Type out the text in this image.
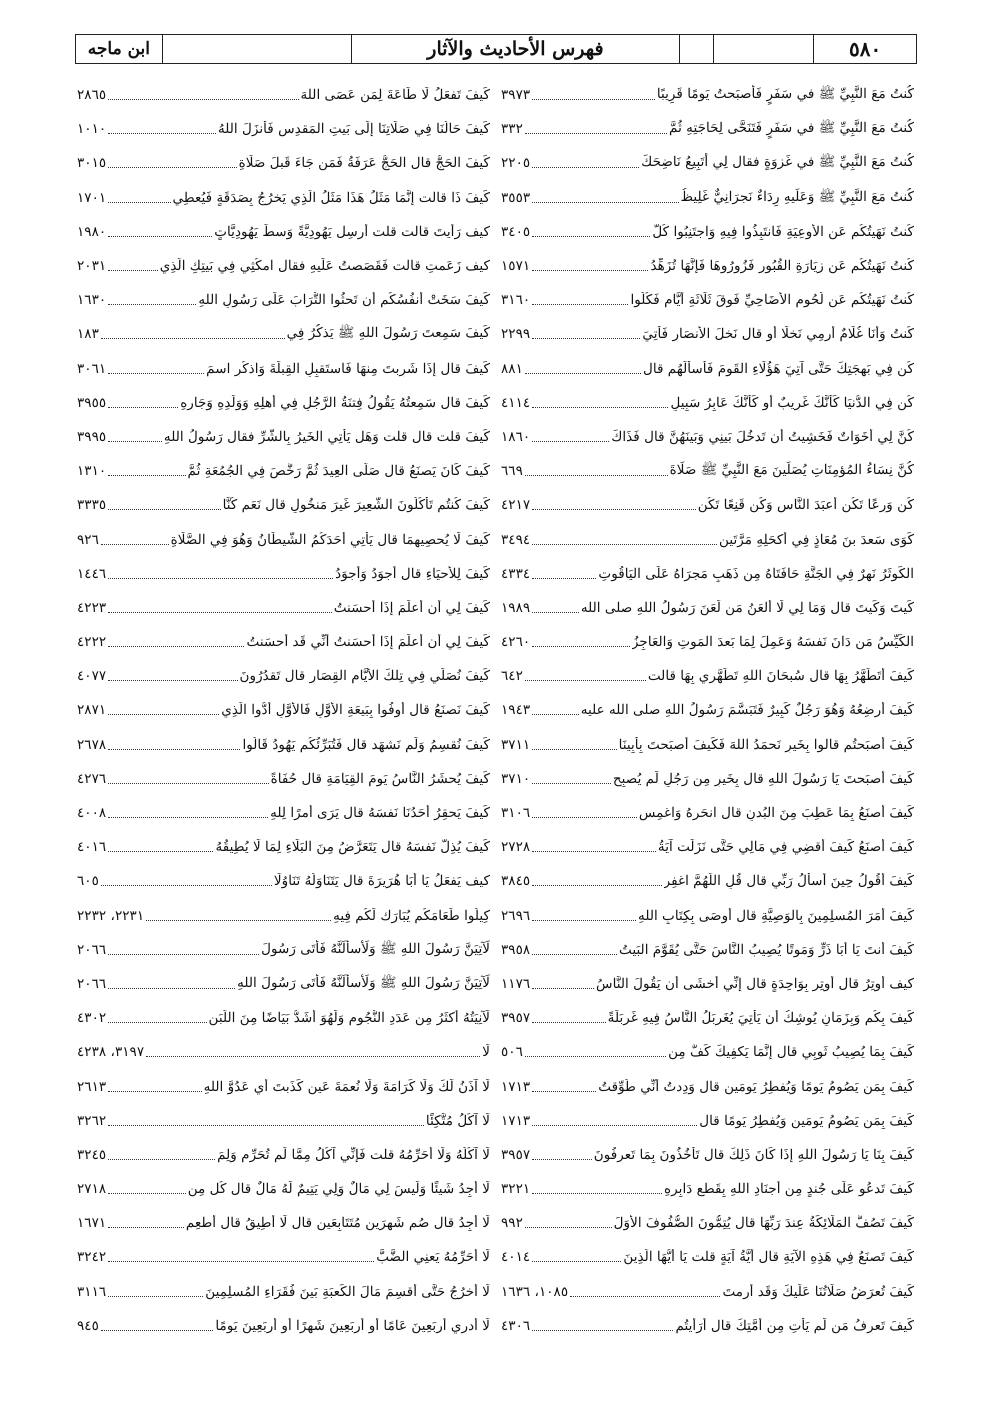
٥٨٠
فهرس الأحاديث والآثار
ابن ماجه
كُنتُ مَعَ النَّبِيِّ ﷺ في سَفَرٍ فَأَصبَحتُ يَومًا قَرِيبًا
٣٩٧٣
كُنتُ مَعَ النَّبِيِّ ﷺ في سَفَرٍ فَتَنَحَّى لِحَاجَتِهِ ثُمَّ
٣٣٢
كُنتُ مَعَ النَّبِيِّ ﷺ في غَزوَةٍ فقال لِي أَتَبِيعُ نَاضِحَكَ
٢٢٠٥
كُنتُ مَعَ النَّبِيِّ ﷺ وَعَلَيهِ رِدَاءٌ نَجرَانِيٌّ غَلِيظُ
٣٥٥٣
كُنتُ نَهَيتُكُم عَنِ الأَوعِيَةِ فَانتَبِذُوا فِيهِ وَاجتَنِبُوا كُلَّ
٣٤٠٥
كُنتُ نَهَيتُكُم عَن زِيَارَةِ القُبُورِ فَزُورُوهَا فَإِنَّهَا تُزَهِّدُ
١٥٧١
كُنتُ نَهَيتُكُم عَن لُحُومِ الأَضَاحِيِّ فَوقَ ثَلَاثَةِ أَيَّامٍ فَكُلُوا
٣١٦٠
كُنتُ وَأَنَا غُلَامٌ أَرمِي نَخلًا أَو قال نَخلَ الأَنصَارِ فَأُتِيَ
٢٢٩٩
كُن فِي بَهجَتِكَ حَتَّى آتِيَ هَؤُلَاءِ القَومَ فَأَسأَلَهُم قال
٨٨١
كُن فِي الدُّنيَا كَأَنَّكَ غَرِيبٌ أَو كَأَنَّكَ عَابِرُ سَبِيلٍ
٤١١٤
كُنَّ لِي أَخَوَاتٌ فَخَشِيتُ أَن تَدخُلَ بَينِي وَبَينَهُنَّ قال فَذَاكَ
١٨٦٠
كُنَّ نِسَاءُ المُؤمِنَاتِ يُصَلِّينَ مَعَ النَّبِيِّ ﷺ صَلَاةَ
٦٦٩
كُن وَرِعًا تَكُن أَعبَدَ النَّاسِ وَكُن قَنِعًا تَكُن
٤٢١٧
كَوَى سَعدَ بنَ مُعَاذٍ فِي أَكحَلِهِ مَرَّتَينِ
٣٤٩٤
الكَوثَرُ نَهرٌ فِي الجَنَّةِ حَافَتَاهُ مِن ذَهَبٍ مَجرَاهُ عَلَى اليَاقُوتِ
٤٣٣٤
كَيتَ وَكَيتَ قال وَمَا لِي لَا أَلعَنُ مَن لَعَنَ رَسُولُ اللهِ صلى الله
١٩٨٩
الكَيِّسُ مَن دَانَ نَفسَهُ وَعَمِلَ لِمَا بَعدَ المَوتِ وَالعَاجِزُ
٤٢٦٠
كَيفَ أَتَطَهَّرُ بِهَا قال سُبحَانَ اللهِ تَطَهَّرِي بِهَا قالت
٦٤٢
كَيفَ أُرضِعُهُ وَهُوَ رَجُلٌ كَبِيرٌ فَتَبَسَّمَ رَسُولُ اللهِ صلى الله عليه
١٩٤٣
كَيفَ أَصبَحتُم قالوا بِخَيرٍ نَحمَدُ اللهَ فَكَيفَ أَصبَحتَ بِأَبِينَا
٣٧١١
كَيفَ أَصبَحتَ يَا رَسُولَ اللهِ قال بِخَيرٍ مِن رَجُلٍ لَم يُصبِح
٣٧١٠
كَيفَ أَصنَعُ بِمَا عَطِبَ مِنَ البُدنِ قال انحَرهُ وَاغمِس
٣١٠٦
كَيفَ أَصنَعُ كَيفَ أَقضِي فِي مَالِي حَتَّى نَزَلَت آيَةُ
٢٧٢٨
كَيفَ أَقُولُ حِينَ أَسأَلُ رَبِّي قال قُلِ اللَّهُمَّ اغفِر
٣٨٤٥
كَيفَ أَمَرَ المُسلِمِينَ بِالوَصِيَّةِ قال أَوصَى بِكِتَابِ اللهِ
٢٦٩٦
كَيفَ أَنتَ يَا أَبَا ذَرٍّ وَمَوتًا يُصِيبُ النَّاسَ حَتَّى يُقَوَّمَ البَيتُ
٣٩٥٨
كيف أُوتِرُ قال أَوتِر بِوَاحِدَةٍ قال إِنِّي أَخشَى أَن يَقُولَ النَّاسُ
١١٧٦
كَيفَ بِكُم وَبِزَمَانٍ يُوشِكُ أَن يَأتِيَ يُغَربَلُ النَّاسُ فِيهِ غَربَلَةً
٣٩٥٧
كَيفَ بِمَا يُصِيبُ ثَوبِي قال إِنَّمَا يَكفِيكَ كَفٌّ مِن
٥٠٦
كَيفَ بِمَن يَصُومُ يَومًا وَيُفطِرُ يَومَينِ قال وَدِدتُ أَنِّي طُوِّقتُ
١٧١٣
كَيفَ بِمَن يَصُومُ يَومَينِ وَيُفطِرُ يَومًا قال
١٧١٣
كَيفَ بِنَا يَا رَسُولَ اللهِ إِذَا كَانَ ذَلِكَ قال تَأخُذُونَ بِمَا تَعرِفُونَ
٣٩٥٧
كَيفَ تَدعُو عَلَى جُندٍ مِن أَجنَادِ اللهِ بِقَطعِ دَابِرِهِ
٣٢٢١
كَيفَ تَصُفُّ المَلَائِكَةُ عِندَ رَبِّهَا قال يُتِمُّونَ الصُّفُوفَ الأُوَلَ
٩٩٢
كَيفَ تَصنَعُ فِي هَذِهِ الآيَةِ قال أَيَّةُ آيَةٍ قلت يَا أَيُّهَا الَّذِينَ
٤٠١٤
كَيفَ تُعرَضُ صَلَاتُنَا عَلَيكَ وَقَد أَرِمتَ
١٠٨٥، ١٦٣٦
كَيفَ تَعرِفُ مَن لَم يَأتِ مِن أُمَّتِكَ قال أَرَأَيتُم
٤٣٠٦
كَيفَ تَفعَلُ لَا طَاعَةَ لِمَن عَصَى اللهَ
٢٨٦٥
كَيفَ حَالُنَا فِي صَلَاتِنَا إِلَى بَيتِ المَقدِسِ فَأَنزَلَ اللهُ
١٠١٠
كَيفَ الحَجُّ قال الحَجُّ عَرَفَةُ فَمَن جَاءَ قَبلَ صَلَاةِ
٣٠١٥
كَيفَ ذَا قالت إِنَّمَا مَثَلُ هَذَا مَثَلُ الَّذِي يَخرُجُ بِصَدَقَةٍ فَيُعطِي
١٧٠١
كيف رَأَيتَ قالت قلت أَرسِل يَهُودِيَّةً وَسطَ يَهُودِيَّاتٍ
١٩٨٠
كيف زَعَمتِ قالت فَقَصَصتُ عَلَيهِ فقال امكُثِي فِي بَيتِكِ الَّذِي
٢٠٣١
كَيفَ سَخَتْ أَنفُسُكُم أَن تَحثُوا التُّرَابَ عَلَى رَسُولِ اللهِ
١٦٣٠
كَيفَ سَمِعتَ رَسُولَ اللهِ ﷺ يَذكُرُ فِي
١٨٣
كَيفَ قال إِذَا شَرِبتَ مِنهَا فَاستَقبِلِ القِبلَةَ وَاذكُرِ اسمَ
٣٠٦١
كَيفَ قال سَمِعتُهُ يَقُولُ فِتنَةُ الرَّجُلِ فِي أَهلِهِ وَوَلَدِهِ وَجَارِهِ
٣٩٥٥
كَيفَ قلت قال قلت وَهَل يَأتِي الخَيرُ بِالشَّرِّ فقال رَسُولُ اللهِ
٣٩٩٥
كَيفَ كَانَ يَصنَعُ قال صَلَّى العِيدَ ثُمَّ رَخَّصَ فِي الجُمُعَةِ ثُمَّ
١٣١٠
كَيفَ كُنتُم تَأكُلُونَ الشَّعِيرَ غَيرَ مَنخُولٍ قال نَعَم كُنَّا
٣٣٣٥
كَيفَ لَا يُحصِيهِمَا قال يَأتِي أَحَدَكُمُ الشَّيطَانُ وَهُوَ فِي الصَّلَاةِ
٩٢٦
كَيفَ لِلأَحيَاءِ قال أَجوَدُ وَأَجوَدُ
١٤٤٦
كَيفَ لِي أَن أَعلَمَ إِذَا أَحسَنتُ
٤٢٢٣
كَيفَ لِي أَن أَعلَمَ إِذَا أَحسَنتُ أَنِّي قَد أَحسَنتُ
٤٢٢٢
كَيفَ نُصَلِّي فِي تِلكَ الأَيَّامِ القِصَارِ قال تَقدُرُونَ
٤٠٧٧
كَيفَ نَصنَعُ قال أَوفُوا بِبَيعَةِ الأَوَّلِ فَالأَوَّلِ أَدُّوا الَّذِي
٢٨٧١
كَيفَ نُقسِمُ وَلَم نَشهَد قال فَتُبَرِّئُكُم يَهُودُ قَالُوا
٢٦٧٨
كَيفَ يُحشَرُ النَّاسُ يَومَ القِيَامَةِ قال حُفَاةً
٤٢٧٦
كَيفَ يَحقِرُ أَحَدُنَا نَفسَهُ قال يَرَى أَمرًا لِلهِ
٤٠٠٨
كَيفَ يُذِلُّ نَفسَهُ قال يَتَعَرَّضُ مِنَ البَلَاءِ لِمَا لَا يُطِيقُهُ
٤٠١٦
كيف يَفعَلُ يَا أَبَا هُرَيرَةَ قال يَتَنَاوَلُهُ تَنَاوُلًا
٦٠٥
كِيلُوا طَعَامَكُم يُبَارَك لَكُم فِيهِ
٢٢٣١، ٢٢٣٢
لَآتِيَنَّ رَسُولَ اللهِ ﷺ وَلَأَسأَلَنَّهُ فَأَتَى رَسُولَ
٢٠٦٦
لَآتِيَنَّ رَسُولَ اللهِ ﷺ وَلَأَسأَلَنَّهُ فَأَتَى رَسُولَ اللهِ
٢٠٦٦
لَآنِيَتُهُ أَكثَرُ مِن عَدَدِ النُّجُومِ وَلَهُوَ أَشَدُّ بَيَاضًا مِنَ اللَّبَنِ
٤٣٠٢
لَا
٣١٩٧، ٤٢٣٨
لَا آذَنُ لَكَ وَلَا كَرَامَةَ وَلَا نُعمَةَ عَينٍ كَذَبتَ أَي عَدُوَّ اللهِ
٢٦١٣
لَا آكُلُ مُتَّكِئًا
٣٢٦٢
لَا آكُلُهُ وَلَا أُحَرِّمُهُ قلت فَإِنِّي آكُلُ مِمَّا لَم تُحَرِّم وَلِمَ
٣٢٤٥
لَا أَجِدُ شَيئًا وَلَيسَ لِي مَالٌ وَلِي يَتِيمٌ لَهُ مَالٌ قال كُل مِن
٢٧١٨
لَا أَجِدُ قال صُم شَهرَينِ مُتَتَابِعَينِ قال لَا أُطِيقُ قال أَطعِم
١٦٧١
لَا أُحَرِّمُهُ يَعنِي الضَّبَّ
٣٢٤٢
لَا أَخرُجُ حَتَّى أَقسِمَ مَالَ الكَعبَةِ بَينَ فُقَرَاءِ المُسلِمِينَ
٣١١٦
لَا أَدرِي أَربَعِينَ عَامًا أَو أَربَعِينَ شَهرًا أَو أَربَعِينَ يَومًا
٩٤٥
